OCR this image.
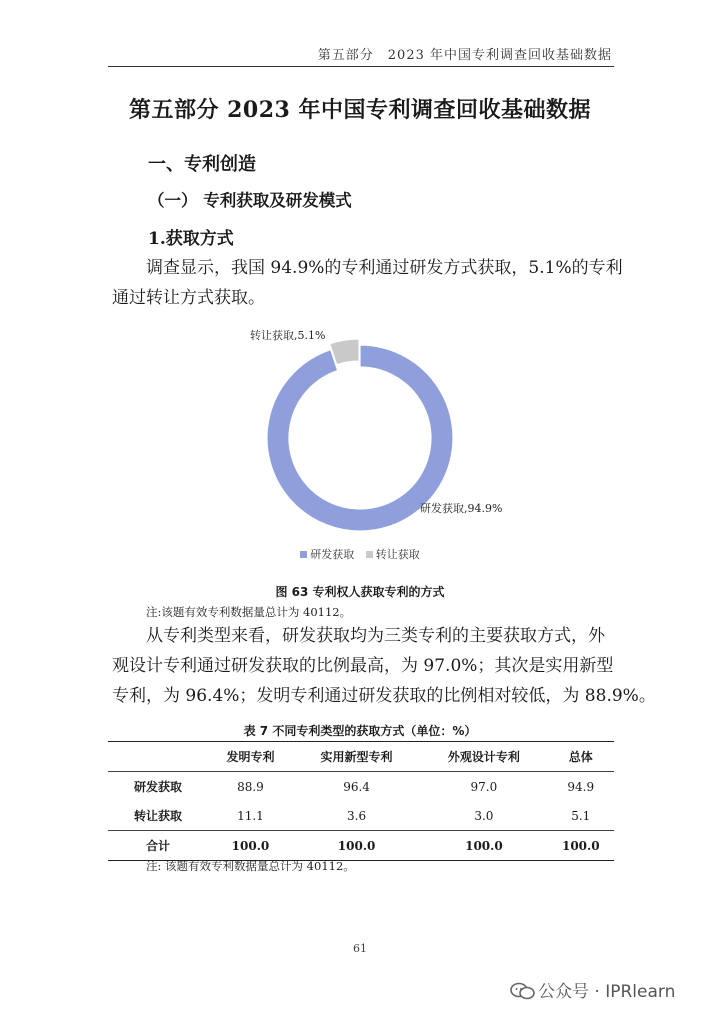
第五部分　2023 年中国专利调查回收基础数据
第五部分 2023 年中国专利调查回收基础数据
一、专利创造
（一） 专利获取及研发模式
1.获取方式
调查显示，我国 94.9%的专利通过研发方式获取，5.1%的专利
通过转让方式获取。
研发获取,94.9%
转让获取,5.1%
研发获取 转让获取
图 63 专利权人获取专利的方式
注:该题有效专利数据量总计为 40112。
从专利类型来看，研发获取均为三类专利的主要获取方式，外
观设计专利通过研发获取的比例最高，为 97.0%；其次是实用新型
专利，为 96.4%；发明专利通过研发获取的比例相对较低，为 88.9%。
表 7 不同专利类型的获取方式（单位：%）
	发明专利	实用新型专利	外观设计专利	总体
研发获取	88.9	96.4	97.0	94.9
转让获取	11.1	3.6	3.0	5.1
合计	100.0	100.0	100.0	100.0
注: 该题有效专利数据量总计为 40112。
61
公众号 · IPRlearn
